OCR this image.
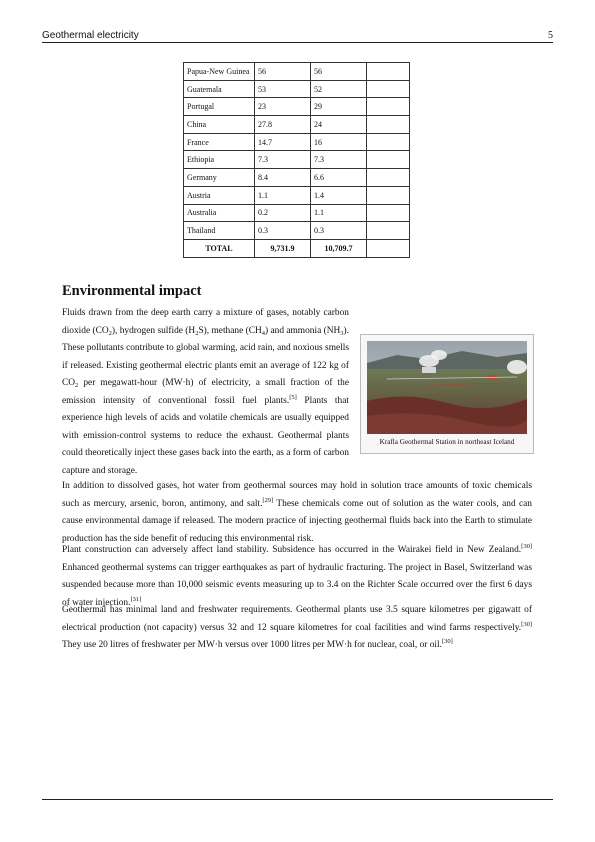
Geothermal electricity	5
Papua-New Guinea	56	56	
Guatemala	53	52	
Portugal	23	29	
China	27.8	24	
France	14.7	16	
Ethiopia	7.3	7.3	
Germany	8.4	6.6	
Austria	1.1	1.4	
Australia	0.2	1.1	
Thailand	0.3	0.3	
TOTAL	9,731.9	10,709.7	
Environmental impact

Fluids drawn from the deep earth carry a mixture of gases, notably carbon dioxide $(CO_2)$, hydrogen sulfide $(H_2S)$, methane $(CH_4)$ and ammonia $(NH_3)$. These pollutants contribute to global warming, acid rain, and noxious smells if released. Existing geothermal electric plants emit an average of 122 kg of $CO_2$ per megawatt-hour (MW·h) of electricity, a small fraction of the emission intensity of conventional fossil fuel plants.[5] Plants that experience high levels of acids and volatile chemicals are usually equipped with emission-control systems to reduce the exhaust. Geothermal plants could theoretically inject these gases back into the earth, as a form of carbon capture and storage.

Krafla Geothermal Station in northeast Iceland

In addition to dissolved gases, hot water from geothermal sources may hold in solution trace amounts of toxic chemicals such as mercury, arsenic, boron, antimony, and salt.[29] These chemicals come out of solution as the water cools, and can cause environmental damage if released. The modern practice of injecting geothermal fluids back into the Earth to stimulate production has the side benefit of reducing this environmental risk.

Plant construction can adversely affect land stability. Subsidence has occurred in the Wairakei field in New Zealand.[30] Enhanced geothermal systems can trigger earthquakes as part of hydraulic fracturing. The project in Basel, Switzerland was suspended because more than 10,000 seismic events measuring up to 3.4 on the Richter Scale occurred over the first 6 days of water injection.[31]

Geothermal has minimal land and freshwater requirements. Geothermal plants use 3.5 square kilometres per gigawatt of electrical production (not capacity) versus 32 and 12 square kilometres for coal facilities and wind farms respectively.[30] They use 20 litres of freshwater per MW·h versus over 1000 litres per MW·h for nuclear, coal, or oil.[30]
